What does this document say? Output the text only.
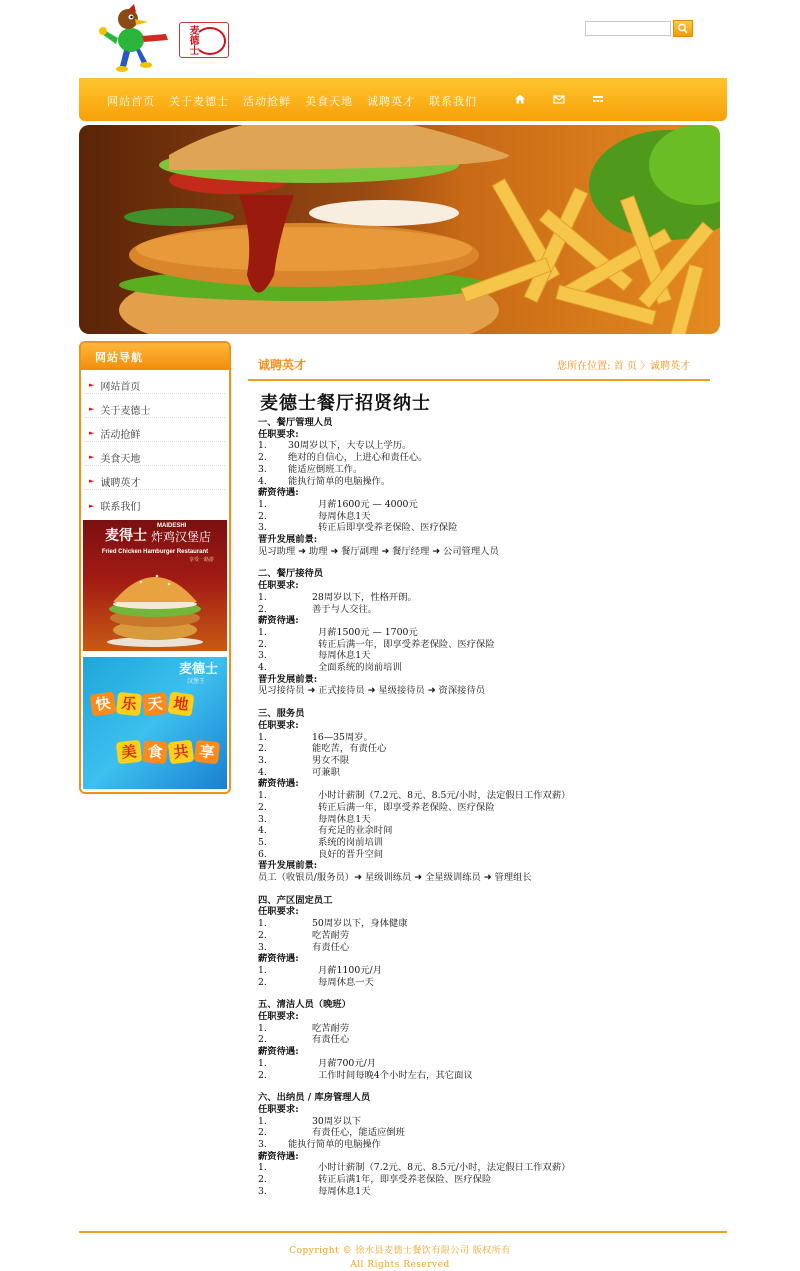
麦德士
网站首页 关于麦德士 活动抢鲜 美食天地 诚聘英才 联系我们
网站导航
► 网站首页
► 关于麦德士
► 活动抢鲜
► 美食天地
► 诚聘英才
► 联系我们
MAIDESHI
麦得士 炸鸡汉堡店
Fried Chicken Hamburger Restaurant
享受一路游
麦德士
汉堡王
快 乐 天 地
美 食 共 享
诚聘英才	您所在位置: 首 页 〉诚聘英才
麦德士餐厅招贤纳士
一、餐厅管理人员
任职要求:
1.	30周岁以下，大专以上学历。
2.	绝对的自信心，上进心和责任心。
3.	能适应倒班工作。
4.	能执行简单的电脑操作。
薪资待遇:
1.	月薪1600元 — 4000元
2.	每周休息1天
3.	转正后即享受养老保险、医疗保险
晋升发展前景:
见习助理 ➜ 助理 ➜ 餐厅副理 ➜ 餐厅经理 ➜ 公司管理人员
二、餐厅接待员
任职要求:
1.	28周岁以下，性格开朗。
2.	善于与人交往。
薪资待遇:
1.	月薪1500元 — 1700元
2.	转正后满一年，即享受养老保险、医疗保险
3.	每周休息1天
4.	全面系统的岗前培训
晋升发展前景:
见习接待员 ➜ 正式接待员 ➜ 星级接待员 ➜ 资深接待员
三、服务员
任职要求:
1.	16—35周岁。
2.	能吃苦，有责任心
3.	男女不限
4.	可兼职
薪资待遇:
1.	小时计薪制（7.2元、8元、8.5元/小时，法定假日工作双薪）
2.	转正后满一年，即享受养老保险、医疗保险
3.	每周休息1天
4.	有充足的业余时间
5.	系统的岗前培训
6.	良好的晋升空间
晋升发展前景:
员工（收银员/服务员）➜ 星级训练员 ➜ 全星级训练员 ➜ 管理组长
四、产区固定员工
任职要求:
1.	50周岁以下，身体健康
2.	吃苦耐劳
3.	有责任心
薪资待遇:
1.	月薪1100元/月
2.	每周休息一天
五、清洁人员（晚班）
任职要求:
1.	吃苦耐劳
2.	有责任心
薪资待遇:
1.	月薪700元/月
2.	工作时间每晚4个小时左右，其它面议
六、出纳员 / 库房管理人员
任职要求:
1.	30周岁以下
2.	有责任心，能适应倒班
3.	能执行简单的电脑操作
薪资待遇:
1.	小时计薪制（7.2元、8元、8.5元/小时，法定假日工作双薪）
2.	转正后满1年，即享受养老保险、医疗保险
3.	每周休息1天
Copyright © 徐水县麦德士餐饮有限公司 版权所有
All Rights Reserved
